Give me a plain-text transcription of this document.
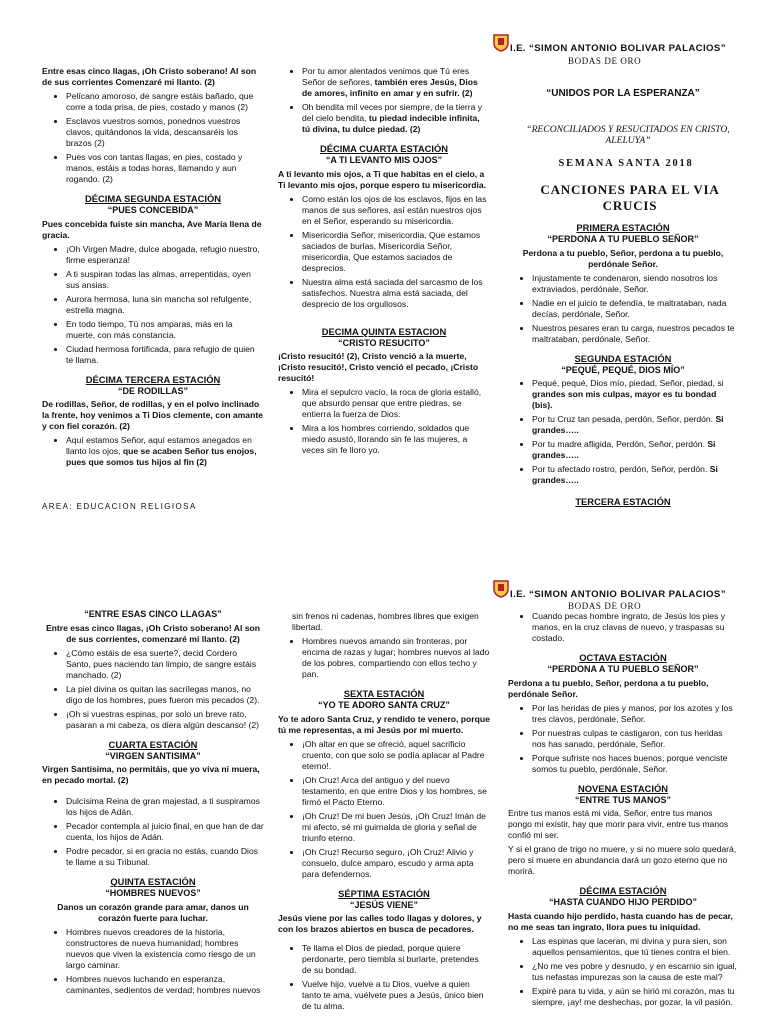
I.E. “SIMON ANTONIO BOLIVAR PALACIOS”
BODAS DE ORO

Entre esas cinco llagas, ¡Oh Cristo soberano! Al son de sus corrientes Comenzaré mi llanto. (2)

• Pelícano amoroso, de sangre estáis bañado, que corre a toda prisa, de pies, costado y manos (2)
• Esclavos vuestros somos, ponednos vuestros clavos, quitándonos la vida, descansaréis los brazos (2)
• Pues vos con tantas llagas, en pies, costado y manos, estáis a todas horas, llamando y aun rogando. (2)
DÉCIMA SEGUNDA ESTACIÓN
“PUES CONCEBIDA”

Pues concebida fuiste sin mancha, Ave María llena de gracia.

• ¡Oh Virgen Madre, dulce abogada, refugio nuestro, firme esperanza!
• A ti suspiran todas las almas, arrepentidas, oyen sus ansias.
• Aurora hermosa, luna sin mancha sol refulgente, estrella magna.
• En todo tiempo, Tú nos amparas, más en la muerte, con más constancia.
• Ciudad hermosa fortificada, para refugio de quien te llama.
DÉCIMA TERCERA ESTACIÓN
“DE RODILLAS”

De rodillas, Señor, de rodillas, y en el polvo inclinado la frente, hoy venimos a Ti Dios clemente, con amante y con fiel corazón. (2)

• Aquí estamos Señor, aquí estamos anegados en llanto los ojos, que se acaben Señor tus enojos, pues que somos tus hijos al fin (2)
AREA: EDUCACION RELIGIOSA
• Por tu amor alentados venimos que Tú eres Señor de señores, también eres Jesús, Dios de amores, infinito en amar y en sufrir. (2)
• Oh bendita mil veces por siempre, de la tierra y del cielo bendita, tu piedad indecible infinita, tú divina, tu dulce piedad. (2)
DÉCIMA CUARTA ESTACIÓN
“A TI LEVANTO MIS OJOS”

A ti levanto mis ojos, a Ti que habitas en el cielo, a Ti levanto mis ojos, porque espero tu misericordia.

• Como están los ojos de los esclavos, fijos en las manos de sus señores, así están nuestros ojos en el Señor, esperando su misericordia.
• Misericordia Señor, misericordia, Que estamos saciados de burlas, Misericordia Señor, misericordia, Que estamos saciados de desprecios.
• Nuestra alma está saciada del sarcasmo de los satisfechos. Nuestra alma está saciada, del desprecio de los orgullosos.
DECIMA QUINTA ESTACION
“CRISTO RESUCITO”

¡Cristo resucitó! (2), Cristo venció a la muerte, ¡Cristo resucitó!, Cristo venció el pecado, ¡Cristo resucitó!

• Mira el sepulcro vacío, la roca de gloria estalló, que absurdo pensar que entre piedras, se entierra la fuerza de Dios.
• Mira a los hombres corriendo, soldados que miedo asustó, llorando sin fe las mujeres, a veces sin fe lloro yo.
“UNIDOS POR LA ESPERANZA”
“RECONCILIADOS Y RESUCITADOS EN CRISTO, ALELUYA”
SEMANA SANTA 2018
CANCIONES PARA EL VIA CRUCIS
PRIMERA ESTACIÓN
“PERDONA A TU PUEBLO SEÑOR”

Perdona a tu pueblo, Señor, perdona a tu pueblo, perdónale Señor.

• Injustamente te condenaron, siendo nosotros los extraviados, perdónale, Señor.
• Nadie en el juicio te defendía, te maltrataban, nada decías, perdónale, Señor.
• Nuestros pesares eran tu carga, nuestros pecados te maltrataban, perdónale, Señor.
SEGUNDA ESTACIÓN
“PEQUÉ, PEQUÉ, DIOS MÍO”
• Pequé, pequé, Dios mío, piedad, Señor, piedad, si grandes son mis culpas, mayor es tu bondad (bis).
• Por tu Cruz tan pesada, perdón, Señor, perdón. Si grandes…..
• Por tu madre afligida, Perdón, Señor, perdón. Si grandes…..
• Por tu afectado rostro, perdón, Señor, perdón. Si grandes…..
TERCERA ESTACIÓN
I.E. “SIMON ANTONIO BOLIVAR PALACIOS”
BODAS DE ORO
“ENTRE ESAS CINCO LLAGAS”

Entre esas cinco llagas, ¡Oh Cristo soberano! Al son de sus corrientes, comenzaré mi llanto. (2)

• ¿Cómo estáis de esa suerte?, decid Cordero Santo, pues naciendo tan limpio, de sangre estáis manchado. (2)
• La piel divina os quitan las sacrílegas manos, no digo de los hombres, pues fueron mis pecados (2).
• ¡Oh si vuestras espinas, por solo un breve rato, pasaran a mi cabeza, os diera algún descanso! (2)
CUARTA ESTACIÓN
“VIRGEN SANTISIMA”

Virgen Santísima, no permitáis, que yo viva ni muera, en pecado mortal. (2)

• Dulcísima Reina de gran majestad, a ti suspiramos los hijos de Adán.
• Pecador contempla al juicio final, en que han de dar cuenta, los hijos de Adán.
• Podre pecador, si en gracia no estás, cuando Dios te llame a su Tribunal.
QUINTA ESTACIÓN
“HOMBRES NUEVOS”

Danos un corazón grande para amar, danos un corazón fuerte para luchar.

• Hombres nuevos creadores de la historia, constructores de nueva humanidad; hombres nuevos que viven la existencia como riesgo de un largo caminar.
• Hombres nuevos luchando en esperanza, caminantes, sedientos de verdad; hombres nuevos

sin frenos ni cadenas, hombres libres que exigen libertad.

• Hombres nuevos amando sin fronteras, por encima de razas y lugar; hombres nuevos al lado de los pobres, compartiendo con ellos techo y pan.
SEXTA ESTACIÓN
“YO TE ADORO SANTA CRUZ”

Yo te adoro Santa Cruz, y rendido te venero, porque tú me representas, a mi Jesús por mi muerto.

• ¡Oh altar en que se ofreció, aquel sacrificio cruento, con que solo se podía aplacar al Padre eterno!.
• ¡Oh Cruz! Arca del antiguo y del nuevo testamento, en que entre Dios y los hombres, se firmó el Pacto Eterno.
• ¡Oh Cruz! De mi buen Jesús, ¡Oh Cruz! Imán de mi afecto, sé mi guirnalda de gloria y señal de triunfo eterno.
• ¡Oh Cruz! Recurso seguro, ¡Oh Cruz! Alivio y consuelo, dulce amparo, escudo y arma apta para defendernos.
SÉPTIMA ESTACIÓN
“JESÚS VIENE”

Jesús viene por las calles todo llagas y dolores, y con los brazos abiertos en busca de pecadores.

• Te llama el Dios de piedad, porque quiere perdonarte, pero tiembla si burlarte, pretendes de su bondad.
• Vuelve hijo, vuelve a tu Dios, vuelve a quien tanto te ama, vuélvete pues a Jesús, único bien de tu alma.
• Cuando pecas hombre ingrato, de Jesús los pies y manos, en la cruz clavas de nuevo, y traspasas su costado.
OCTAVA ESTACIÓN
“PERDONA A TU PUEBLO SEÑOR”

Perdona a tu pueblo, Señor, perdona a tu pueblo, perdónale Señor.

• Por las heridas de pies y manos, por los azotes y los tres clavos, perdónale, Señor.
• Por nuestras culpas te castigaron, con tus heridas nos has sanado, perdónale, Señor.
• Porque sufriste nos haces buenos, porque venciste somos tu pueblo, perdónale, Señor.
NOVENA ESTACIÓN
“ENTRE TUS MANOS”

Entre tus manos está mi vida, Señor, entre tus manos pongo mi existir, hay que morir para vivir, entre tus manos confió mi ser.

Y si el grano de trigo no muere, y si no muere solo quedará, pero si muere en abundancia dará un gozo eterno que no morirá.

DÉCIMA ESTACIÓN
“HASTA CUANDO HIJO PERDIDO”

Hasta cuando hijo perdido, hasta cuando has de pecar, no me seas tan ingrato, llora pues tu iniquidad.

• Las espinas que laceran, mi divina y pura sien, son aquellos pensamientos, que tú tienes contra el bien.
• ¿No me ves pobre y desnudo, y en escarnio sin igual, tus nefastas impurezas son la causa de este mal?
• Expiré para tu vida, y aún se hirió mi corazón, mas tu siempre, ¡ay! me deshechas, por gozar, la vil pasión.
